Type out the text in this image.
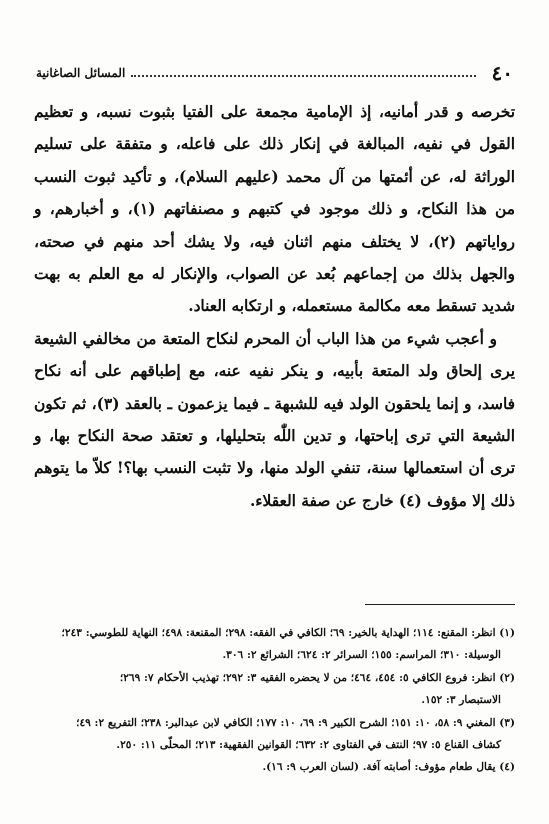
٤٠
المسائل الصاغانية

تخرصه و قدر أمانيه، إذ الإمامية مجمعة على الفتيا بثبوت نسبه، و تعظيم القول في نفيه، المبالغة في إنكار ذلك على فاعله، و متفقة على تسليم الوراثة له، عن أئمتها من آل محمد (عليهم السلام)، و تأكيد ثبوت النسب من هذا النكاح، و ذلك موجود في كتبهم و مصنفاتهم (١)، و أخبارهم، و رواياتهم (٢)، لا يختلف منهم اثنان فيه، ولا يشك أحد منهم في صحته، والجهل بذلك من إجماعهم بُعد عن الصواب، والإنكار له مع العلم به بهت شديد تسقط معه مكالمة مستعمله، و ارتكابه العناد.

و أعجب شيء من هذا الباب أن المحرم لنكاح المتعة من مخالفي الشيعة يرى إلحاق ولد المتعة بأبيه، و ينكر نفيه عنه، مع إطباقهم على أنه نكاح فاسد، و إنما يلحقون الولد فيه للشبهة ـ فيما يزعمون ـ بالعقد (٣)، ثم تكون الشيعة التي ترى إباحتها، و تدين اللّٰه بتحليلها، و تعتقد صحة النكاح بها، و ترى أن استعمالها سنة، تنفي الولد منها، ولا تثبت النسب بها؟! كلاّ ما يتوهم ذلك إلا مؤوف (٤) خارج عن صفة العقلاء.

(١) انظر: المقنع: ١١٤؛ الهداية بالخير: ٦٩؛ الكافي في الفقه: ٢٩٨؛ المقنعة: ٤٩٨؛ النهاية للطوسي: ٢٤٣؛

الوسيلة: ٣١٠؛ المراسم: ١٥٥؛ السرائر ٢: ٦٢٤؛ الشرائع ٢: ٣٠٦.

(٢) انظر: فروع الكافي ٥: ٤٥٤، ٤٦٤؛ من لا يحضره الفقيه ٣: ٢٩٢؛ تهذيب الأحكام ٧: ٢٦٩؛

الاستبصار ٣: ١٥٢.

(٣) المغني ٩: ٥٨، ١٠: ١٥١؛ الشرح الكبير ٩: ٦٩، ١٠: ١٧٧؛ الكافي لابن عبدالبر: ٢٣٨؛ التفريع ٢: ٤٩؛

كشاف القناع ٥: ٩٧؛ النتف في الفتاوى ٢: ٦٣٢؛ القوانين الفقهية: ٢١٣؛ المحلّى ١١: ٢٥٠.

(٤) يقال طعام مؤوف: أصابته آفة. (لسان العرب ٩: ١٦).
